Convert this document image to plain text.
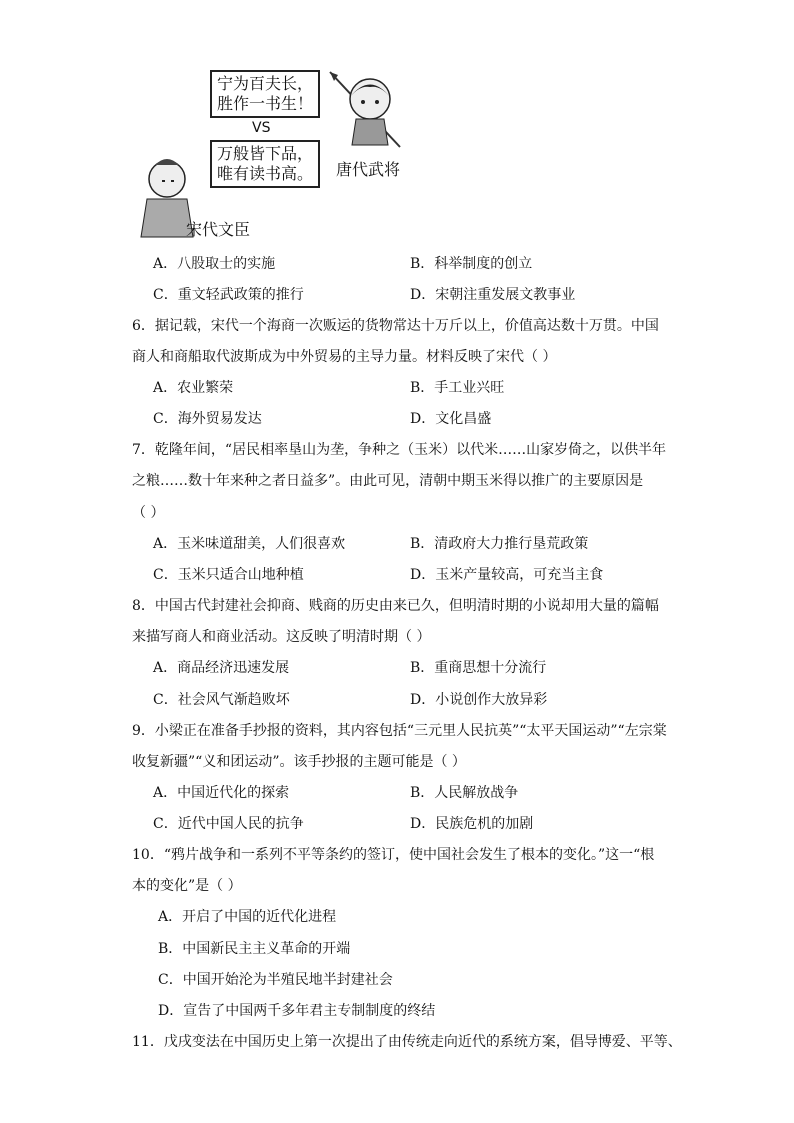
宁为百夫长，
胜作一书生！
VS
万般皆下品，
唯有读书高。 唐代武将
宋代文臣
A．八股取士的实施	B．科举制度的创立
C．重文轻武政策的推行	D．宋朝注重发展文教事业
6．据记载，宋代一个海商一次贩运的货物常达十万斤以上，价值高达数十万贯。中国
商人和商船取代波斯成为中外贸易的主导力量。材料反映了宋代（ ）
A．农业繁荣	B．手工业兴旺
C．海外贸易发达	D．文化昌盛
7．乾隆年间，“居民相率垦山为垄，争种之（玉米）以代米……山家岁倚之，以供半年
之粮……数十年来种之者日益多”。由此可见，清朝中期玉米得以推广的主要原因是
（ ）
A．玉米味道甜美，人们很喜欢	B．清政府大力推行垦荒政策
C．玉米只适合山地种植	D．玉米产量较高，可充当主食
8．中国古代封建社会抑商、贱商的历史由来已久，但明清时期的小说却用大量的篇幅
来描写商人和商业活动。这反映了明清时期（ ）
A．商品经济迅速发展	B．重商思想十分流行
C．社会风气渐趋败坏	D．小说创作大放异彩
9．小梁正在准备手抄报的资料，其内容包括“三元里人民抗英”“太平天国运动”“左宗棠
收复新疆”“义和团运动”。该手抄报的主题可能是（ ）
A．中国近代化的探索	B．人民解放战争
C．近代中国人民的抗争	D．民族危机的加剧
10．“鸦片战争和一系列不平等条约的签订，使中国社会发生了根本的变化。”这一“根
本的变化”是（ ）
A．开启了中国的近代化进程
B．中国新民主主义革命的开端
C．中国开始沦为半殖民地半封建社会
D．宣告了中国两千多年君主专制制度的终结
11．戊戌变法在中国历史上第一次提出了由传统走向近代的系统方案，倡导博爱、平等、
